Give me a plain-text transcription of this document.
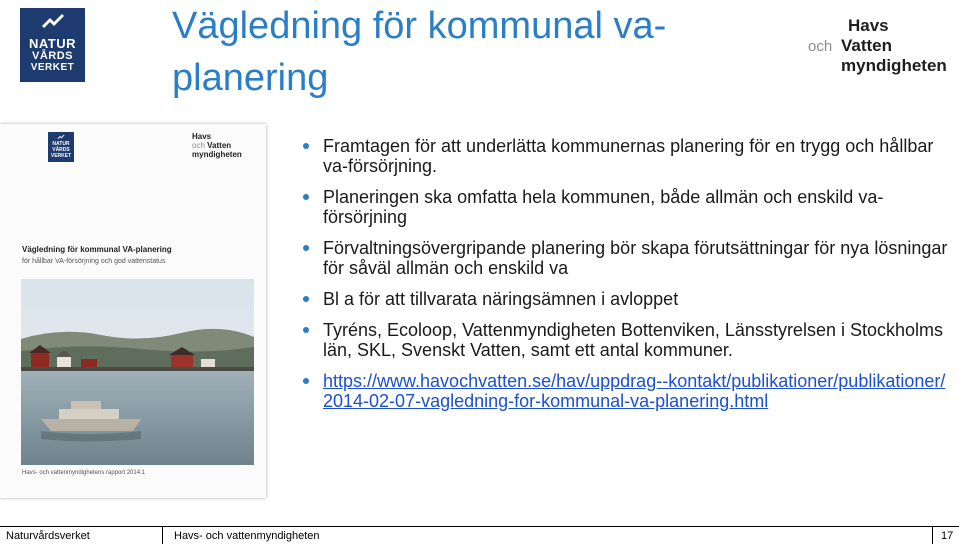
NATUR
VÅRDS
VERKET
Vägledning för kommunal va-planering
Havs
och Vatten
myndigheten
NATUR
VÅRDS
VERKET
Havs
och Vatten
myndigheten
Vägledning för kommunal VA-planering
för hållbar VA-försörjning och god vattenstatus
Havs- och vattenmyndighetens rapport 2014:1
Framtagen för att underlätta kommunernas planering för en trygg och hållbar va-försörjning.
Planeringen ska omfatta hela kommunen, både allmän och enskild va-försörjning
Förvaltningsövergripande planering bör skapa förutsättningar för nya lösningar för såväl allmän och enskild va
Bl a för att tillvarata näringsämnen i avloppet
Tyréns, Ecoloop, Vattenmyndigheten Bottenviken, Länsstyrelsen i Stockholms län, SKL, Svenskt Vatten, samt ett antal kommuner.
https://www.havochvatten.se/hav/uppdrag--kontakt/publikationer/publikationer/2014-02-07-vagledning-for-kommunal-va-planering.html
Naturvårdsverket	Havs- och vattenmyndigheten	17
